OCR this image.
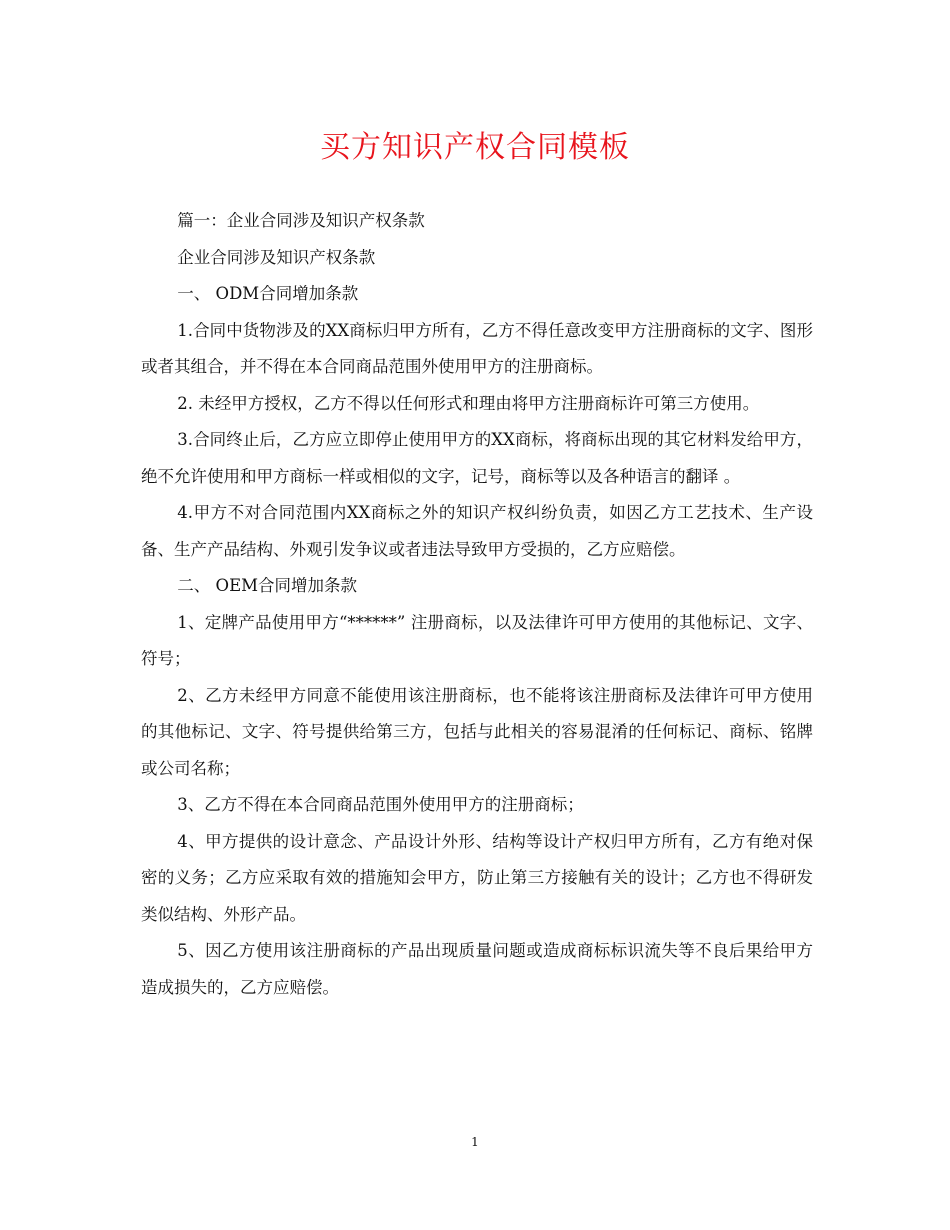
买方知识产权合同模板

篇一：企业合同涉及知识产权条款

企业合同涉及知识产权条款

一、 ODM合同增加条款

1.合同中货物涉及的XX商标归甲方所有，乙方不得任意改变甲方注册商标的文字、图形或者其组合，并不得在本合同商品范围外使用甲方的注册商标。

2. 未经甲方授权，乙方不得以任何形式和理由将甲方注册商标许可第三方使用。

3.合同终止后，乙方应立即停止使用甲方的XX商标，将商标出现的其它材料发给甲方，绝不允许使用和甲方商标一样或相似的文字，记号，商标等以及各种语言的翻译 。

4.甲方不对合同范围内XX商标之外的知识产权纠纷负责，如因乙方工艺技术、生产设备、生产产品结构、外观引发争议或者违法导致甲方受损的，乙方应赔偿。

二、 OEM合同增加条款

1、定牌产品使用甲方“******” 注册商标，以及法律许可甲方使用的其他标记、文字、符号；

2、乙方未经甲方同意不能使用该注册商标，也不能将该注册商标及法律许可甲方使用的其他标记、文字、符号提供给第三方，包括与此相关的容易混淆的任何标记、商标、铭牌或公司名称；

3、乙方不得在本合同商品范围外使用甲方的注册商标；

4、甲方提供的设计意念、产品设计外形、结构等设计产权归甲方所有，乙方有绝对保密的义务；乙方应采取有效的措施知会甲方，防止第三方接触有关的设计；乙方也不得研发类似结构、外形产品。

5、因乙方使用该注册商标的产品出现质量问题或造成商标标识流失等不良后果给甲方造成损失的，乙方应赔偿。

1
